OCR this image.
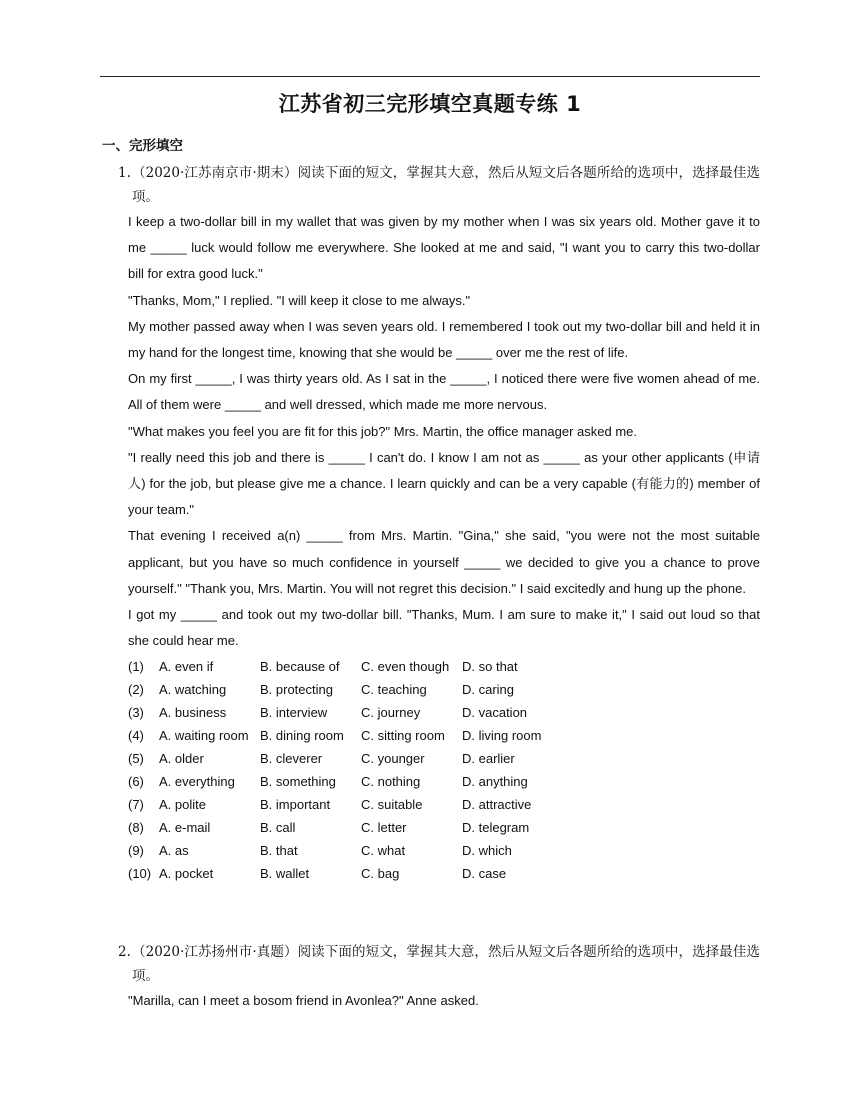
江苏省初三完形填空真题专练 1
一、完形填空
1. （2020·江苏南京市·期末）阅读下面的短文，掌握其大意，然后从短文后各题所给的选项中，选择最佳选项。

I keep a two-dollar bill in my wallet that was given by my mother when I was six years old. Mother gave it to me _____ luck would follow me everywhere. She looked at me and said, "I want you to carry this two-dollar bill for extra good luck."

"Thanks, Mom," I replied. "I will keep it close to me always."

My mother passed away when I was seven years old. I remembered I took out my two-dollar bill and held it in my hand for the longest time, knowing that she would be _____ over me the rest of life.

On my first _____, I was thirty years old. As I sat in the _____, I noticed there were five women ahead of me. All of them were _____ and well dressed, which made me more nervous.

"What makes you feel you are fit for this job?" Mrs. Martin, the office manager asked me.

"I really need this job and there is _____ I can't do. I know I am not as _____ as your other applicants (申请人) for the job, but please give me a chance. I learn quickly and can be a very capable (有能力的) member of your team."

That evening I received a(n) _____ from Mrs. Martin. "Gina," she said, "you were not the most suitable applicant, but you have so much confidence in yourself _____ we decided to give you a chance to prove yourself." "Thank you, Mrs. Martin. You will not regret this decision." I said excitedly and hung up the phone.

I got my _____ and took out my two-dollar bill. "Thanks, Mum. I am sure to make it," I said out loud so that she could hear me.

(1)	A. even if	B. because of	C. even though	D. so that
(2)	A. watching	B. protecting	C. teaching	D. caring
(3)	A. business	B. interview	C. journey	D. vacation
(4)	A. waiting room	B. dining room	C. sitting room	D. living room
(5)	A. older	B. cleverer	C. younger	D. earlier
(6)	A. everything	B. something	C. nothing	D. anything
(7)	A. polite	B. important	C. suitable	D. attractive
(8)	A. e-mail	B. call	C. letter	D. telegram
(9)	A. as	B. that	C. what	D. which
(10)	A. pocket	B. wallet	C. bag	D. case
2. （2020·江苏扬州市·真题）阅读下面的短文，掌握其大意，然后从短文后各题所给的选项中，选择最佳选项。

"Marilla, can I meet a bosom friend in Avonlea?" Anne asked.
